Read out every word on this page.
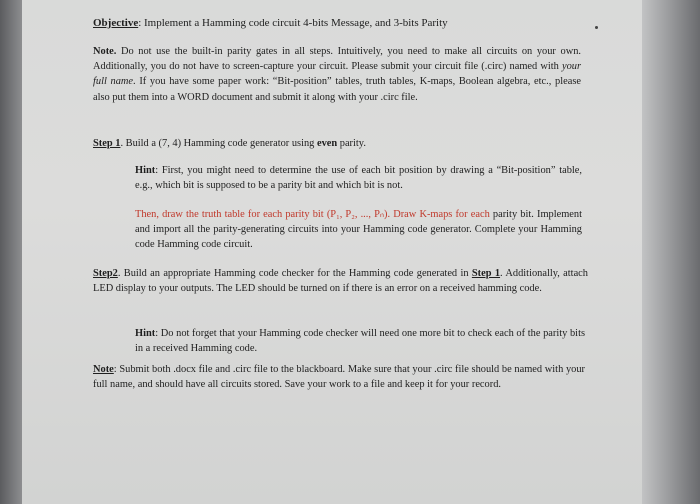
Objective: Implement a Hamming code circuit 4-bits Message, and 3-bits Parity

Note. Do not use the built-in parity gates in all steps. Intuitively, you need to make all circuits on your own. Additionally, you do not have to screen-capture your circuit. Please submit your circuit file (.circ) named with your full name. If you have some paper work: “Bit-position” tables, truth tables, K-maps, Boolean algebra, etc., please also put them into a WORD document and submit it along with your .circ file.

Step 1. Build a (7, 4) Hamming code generator using even parity.

Hint: First, you might need to determine the use of each bit position by drawing a “Bit-position” table, e.g., which bit is supposed to be a parity bit and which bit is not.

Then, draw the truth table for each parity bit (P₁, P₂, ..., Pₙ). Draw K-maps for each parity bit. Implement and import all the parity-generating circuits into your Hamming code generator. Complete your Hamming code Hamming code circuit.

Step2. Build an appropriate Hamming code checker for the Hamming code generated in Step 1. Additionally, attach LED display to your outputs. The LED should be turned on if there is an error on a received hamming code.

Hint: Do not forget that your Hamming code checker will need one more bit to check each of the parity bits in a received Hamming code.

Note: Submit both .docx file and .circ file to the blackboard. Make sure that your .circ file should be named with your full name, and should have all circuits stored. Save your work to a file and keep it for your record.
